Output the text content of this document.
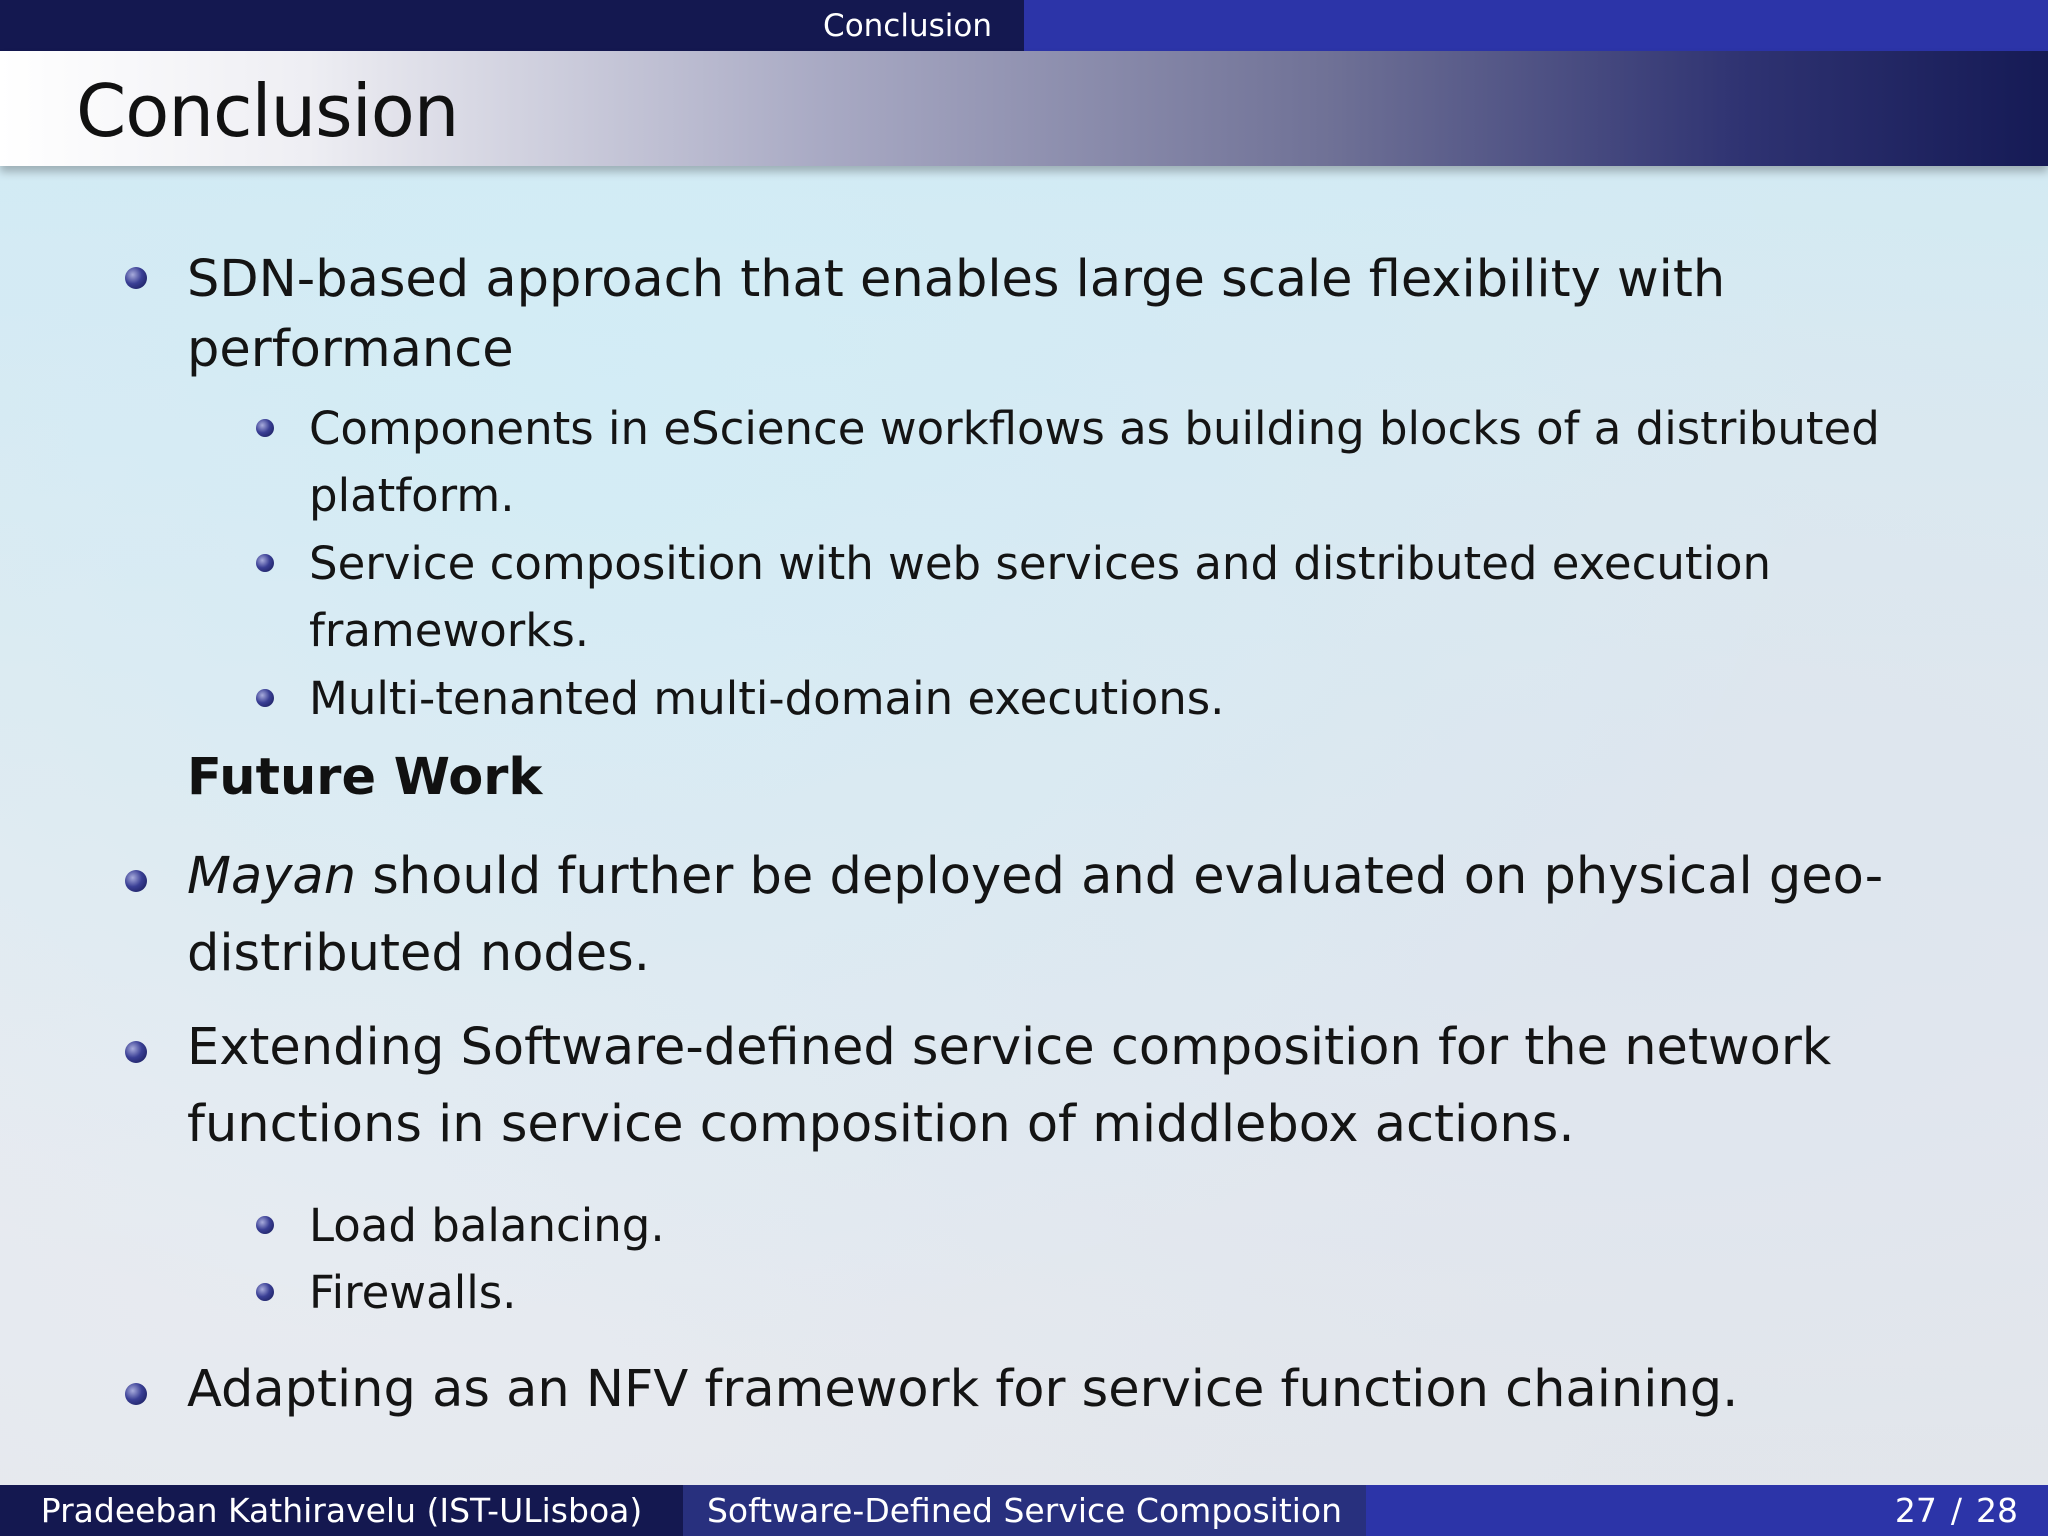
Conclusion
Conclusion
SDN-based approach that enables large scale flexibility with performance
Components in eScience workflows as building blocks of a distributed platform.
Service composition with web services and distributed execution frameworks.
Multi-tenanted multi-domain executions.
Future Work
Mayan should further be deployed and evaluated on physical geo-distributed nodes.
Extending Software-defined service composition for the network functions in service composition of middlebox actions.
Load balancing.
Firewalls.
Adapting as an NFV framework for service function chaining.
Pradeeban Kathiravelu (IST-ULisboa) Software-Defined Service Composition	27 / 28
